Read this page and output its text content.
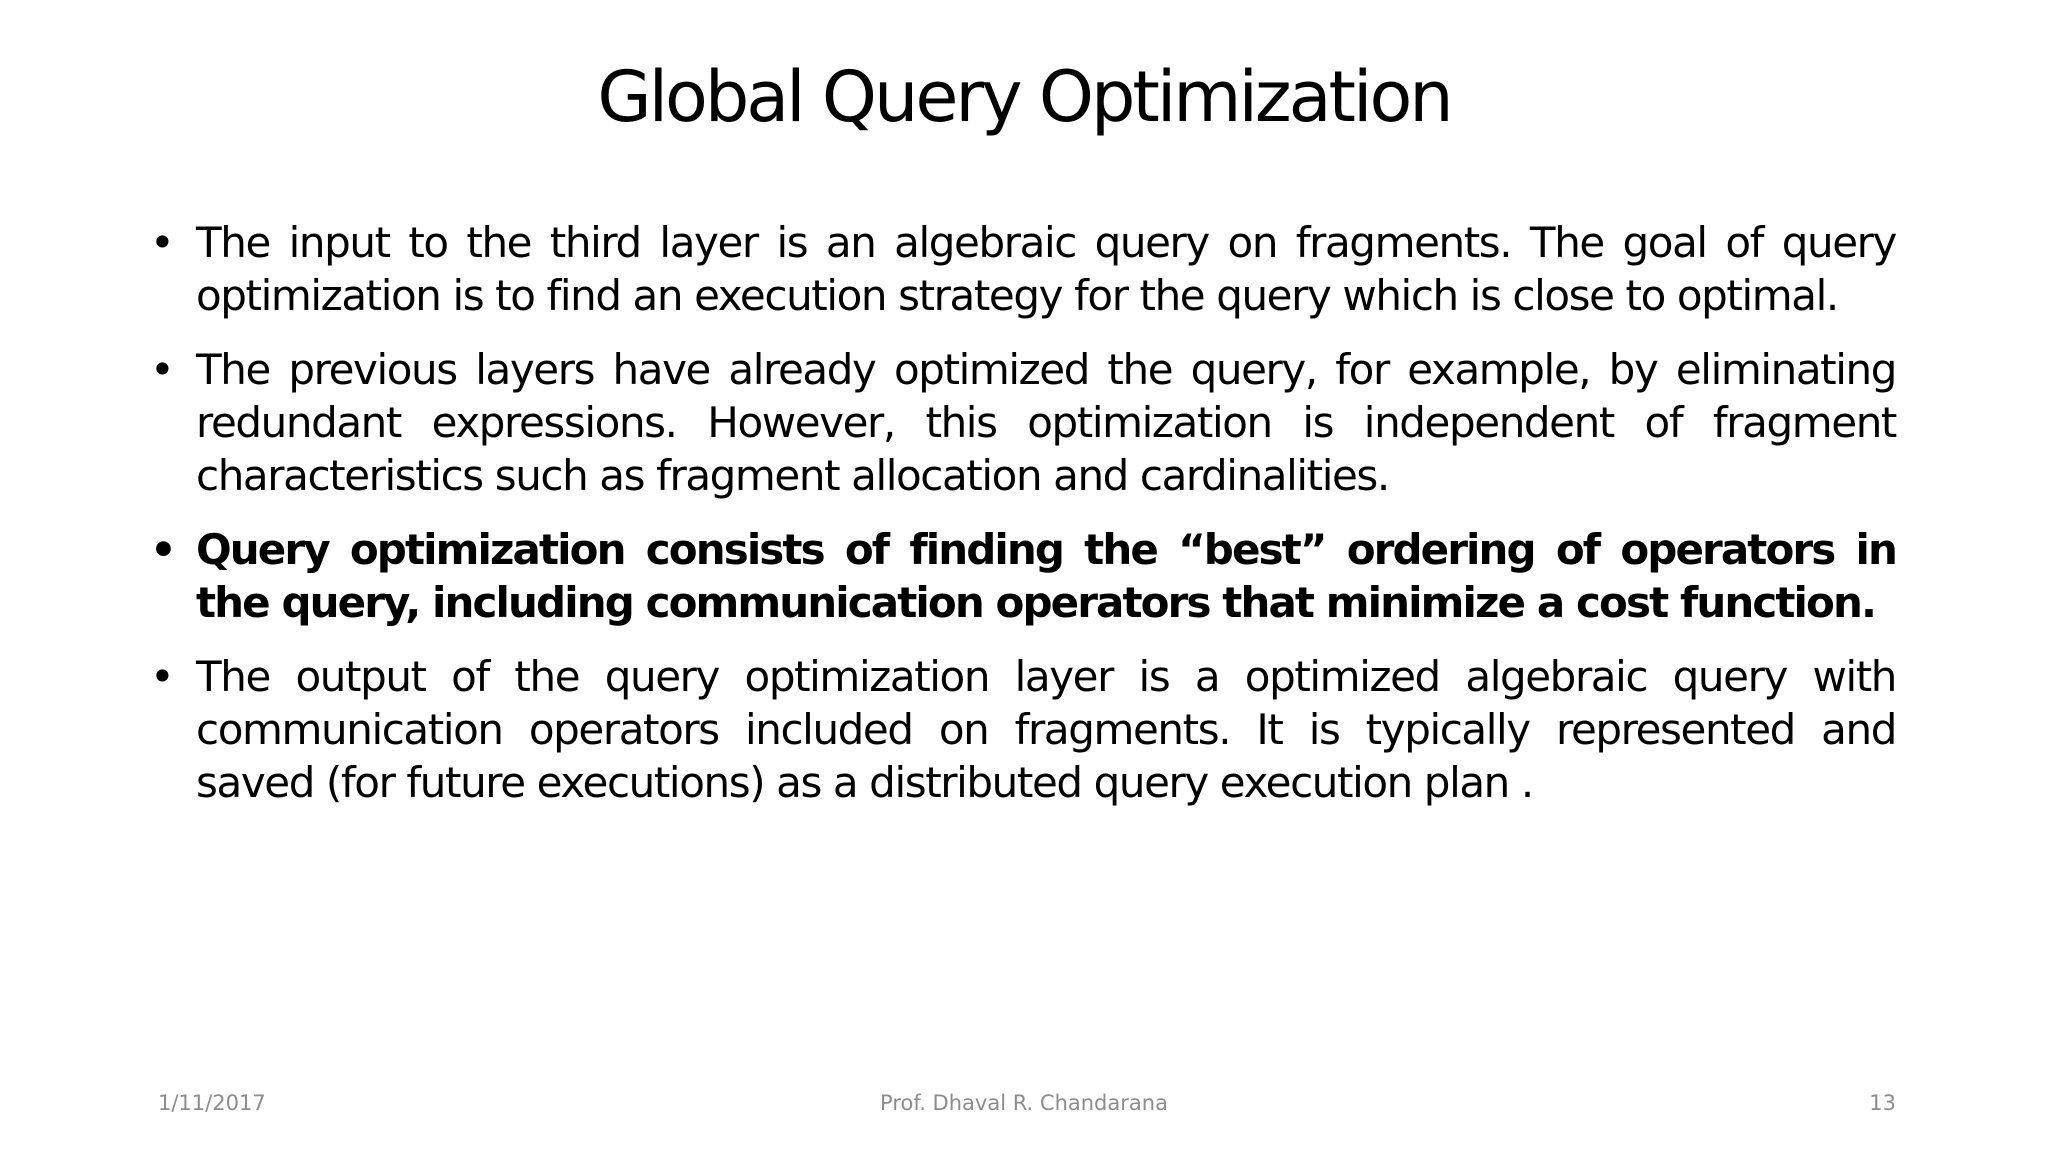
Global Query Optimization
• The input to the third layer is an algebraic query on fragments. The goal of query optimization is to find an execution strategy for the query which is close to optimal.
• The previous layers have already optimized the query, for example, by eliminating redundant expressions. However, this optimization is independent of fragment characteristics such as fragment allocation and cardinalities.
• Query optimization consists of finding the “best” ordering of operators in the query, including communication operators that minimize a cost function.
• The output of the query optimization layer is a optimized algebraic query with communication operators included on fragments. It is typically represented and saved (for future executions) as a distributed query execution plan .
1/11/2017	Prof. Dhaval R. Chandarana	13
